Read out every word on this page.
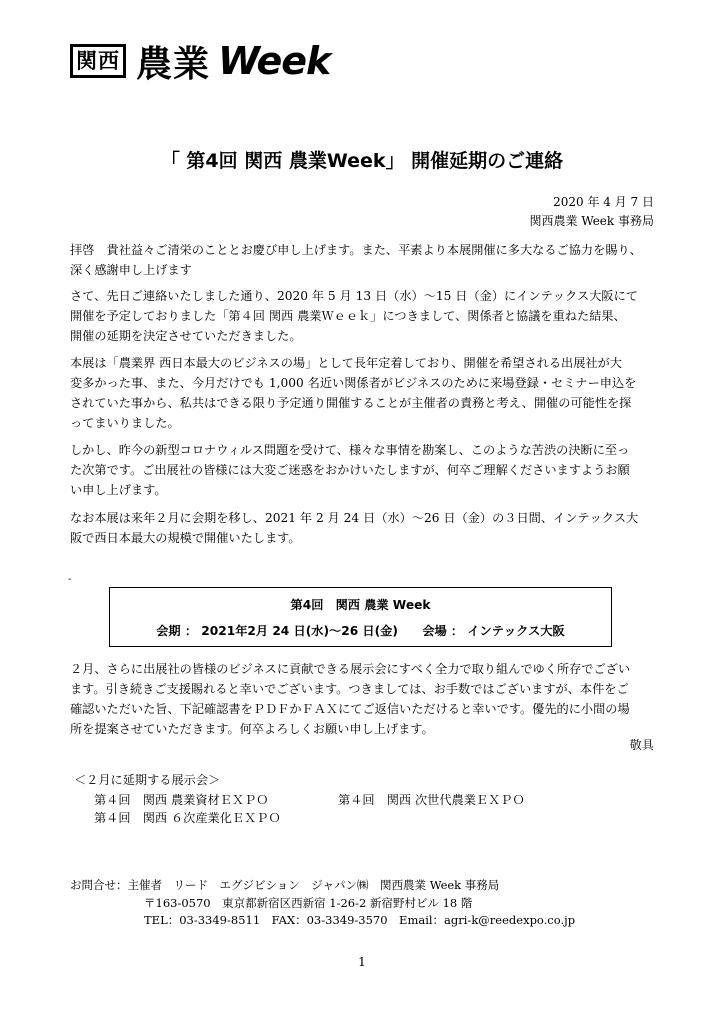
関西 農業 Week
「 第4回 関西 農業Week」 開催延期のご連絡
2020 年 4 月 7 日
関西農業 Week 事務局
拝啓　貴社益々ご清栄のこととお慶び申し上げます。また、平素より本展開催に多大なるご協力を賜り、
深く感謝申し上げます
さて、先日ご連絡いたしました通り、2020 年 5 月 13 日（水）～15 日（金）にインテックス大阪にて
開催を予定しておりました「第４回 関西 農業Ｗｅｅｋ」につきまして、関係者と協議を重ねた結果、
開催の延期を決定させていただきました。
本展は「農業界 西日本最大のビジネスの場」として長年定着しており、開催を希望される出展社が大
変多かった事、また、今月だけでも 1,000 名近い関係者がビジネスのために来場登録・セミナー申込を
されていた事から、私共はできる限り予定通り開催することが主催者の責務と考え、開催の可能性を探
ってまいりました。
しかし、昨今の新型コロナウィルス問題を受けて、様々な事情を勘案し、このような苦渋の決断に至っ
た次第です。ご出展社の皆様には大変ご迷惑をおかけいたしますが、何卒ご理解くださいますようお願
い申し上げます。
なお本展は来年２月に会期を移し、2021 年 2 月 24 日（水）～26 日（金）の３日間、インテックス大
阪で西日本最大の規模で開催いたします。
-
第4回　関西 農業 Week
会期 ： 2021年2月 24 日(水)～26 日(金)　　会場 ： インテックス大阪
２月、さらに出展社の皆様のビジネスに貢献できる展示会にすべく全力で取り組んでゆく所存でござい
ます。引き続きご支援賜れると幸いでございます。つきましては、お手数ではございますが、本件をご
確認いただいた旨、下記確認書をＰＤＦかＦＡＸにてご返信いただけると幸いです。優先的に小間の場
所を提案させていただきます。何卒よろしくお願い申し上げます。
敬具
＜２月に延期する展示会＞
第４回　関西 農業資材ＥＸＰＯ	第４回　関西 次世代農業ＥＸＰＯ
第４回　関西 ６次産業化ＥＸＰＯ
お問合せ：主催者　リード　エグジビション　ジャパン㈱　関西農業 Week 事務局
〒163-0570　東京都新宿区西新宿 1-26-2 新宿野村ビル 18 階
TEL：03-3349-8511　FAX：03-3349-3570　Email：agri-k@reedexpo.co.jp
1
